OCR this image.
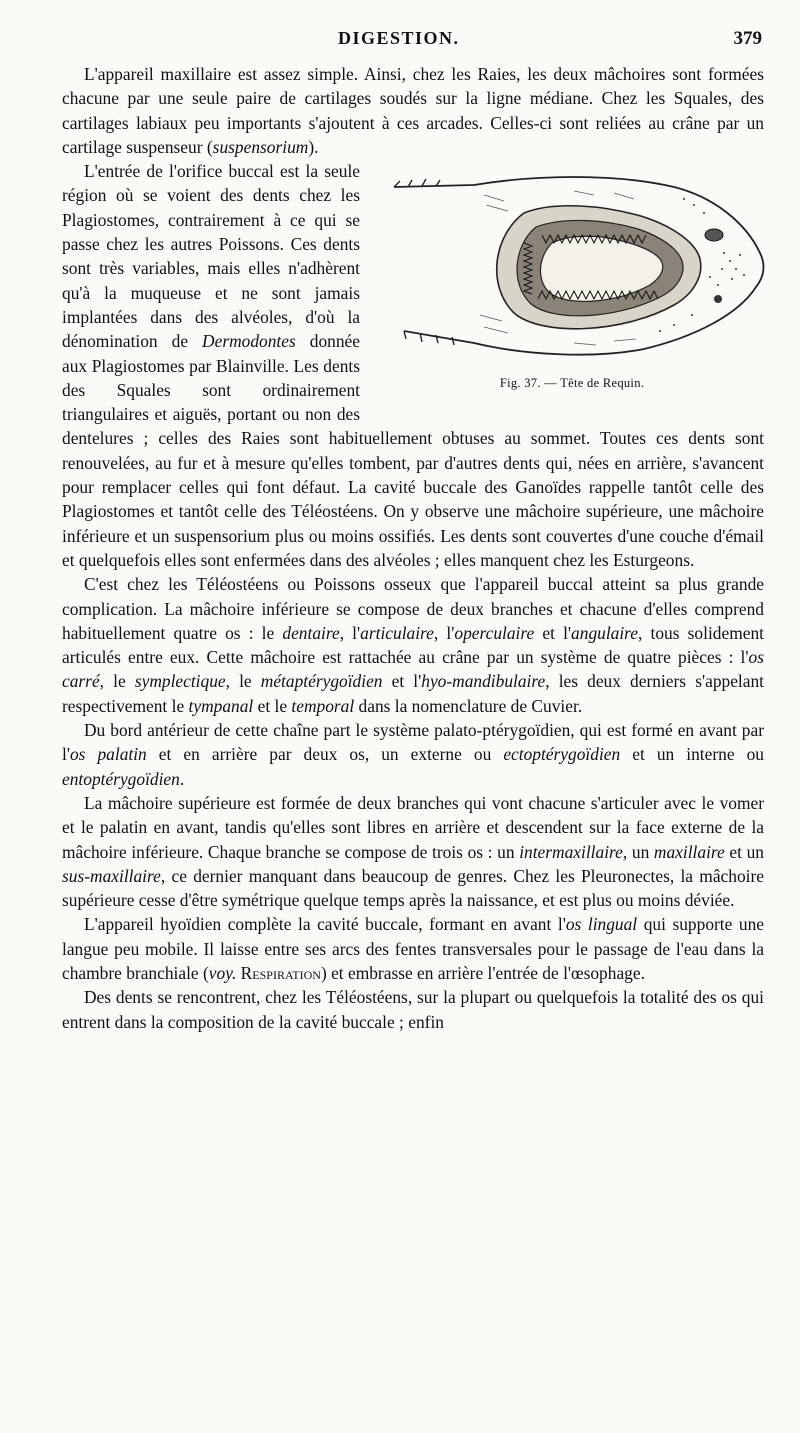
DIGESTION.	379

L'appareil maxillaire est assez simple. Ainsi, chez les Raies, les deux mâchoires sont formées chacune par une seule paire de cartilages soudés sur la ligne médiane. Chez les Squales, des cartilages labiaux peu importants s'ajoutent à ces arcades. Celles-ci sont reliées au crâne par un cartilage suspenseur (suspensorium).

Fig. 37. — Tête de Requin.

L'entrée de l'orifice buccal est la seule région où se voient des dents chez les Plagiostomes, contrairement à ce qui se passe chez les autres Poissons. Ces dents sont très variables, mais elles n'adhèrent qu'à la muqueuse et ne sont jamais implantées dans des alvéoles, d'où la dénomination de Dermodontes donnée aux Plagiostomes par Blainville. Les dents des Squales sont ordinairement triangulaires et aiguës, portant ou non des dentelures ; celles des Raies sont habituellement obtuses au sommet. Toutes ces dents sont renouvelées, au fur et à mesure qu'elles tombent, par d'autres dents qui, nées en arrière, s'avancent pour remplacer celles qui font défaut. La cavité buccale des Ganoïdes rappelle tantôt celle des Plagiostomes et tantôt celle des Téléostéens. On y observe une mâchoire supérieure, une mâchoire inférieure et un suspensorium plus ou moins ossifiés. Les dents sont couvertes d'une couche d'émail et quelquefois elles sont enfermées dans des alvéoles ; elles manquent chez les Esturgeons.

C'est chez les Téléostéens ou Poissons osseux que l'appareil buccal atteint sa plus grande complication. La mâchoire inférieure se compose de deux branches et chacune d'elles comprend habituellement quatre os : le dentaire, l'articulaire, l'operculaire et l'angulaire, tous solidement articulés entre eux. Cette mâchoire est rattachée au crâne par un système de quatre pièces : l'os carré, le symplectique, le métaptérygoïdien et l'hyo-mandibulaire, les deux derniers s'appelant respectivement le tympanal et le temporal dans la nomenclature de Cuvier.

Du bord antérieur de cette chaîne part le système palato-ptérygoïdien, qui est formé en avant par l'os palatin et en arrière par deux os, un externe ou ectoptérygoïdien et un interne ou entoptérygoïdien.

La mâchoire supérieure est formée de deux branches qui vont chacune s'articuler avec le vomer et le palatin en avant, tandis qu'elles sont libres en arrière et descendent sur la face externe de la mâchoire inférieure. Chaque branche se compose de trois os : un intermaxillaire, un maxillaire et un sus-maxillaire, ce dernier manquant dans beaucoup de genres. Chez les Pleuronectes, la mâchoire supérieure cesse d'être symétrique quelque temps après la naissance, et est plus ou moins déviée.

L'appareil hyoïdien complète la cavité buccale, formant en avant l'os lingual qui supporte une langue peu mobile. Il laisse entre ses arcs des fentes transversales pour le passage de l'eau dans la chambre branchiale (voy. Respiration) et embrasse en arrière l'entrée de l'œsophage.

Des dents se rencontrent, chez les Téléostéens, sur la plupart ou quelquefois la totalité des os qui entrent dans la composition de la cavité buccale ; enfin
